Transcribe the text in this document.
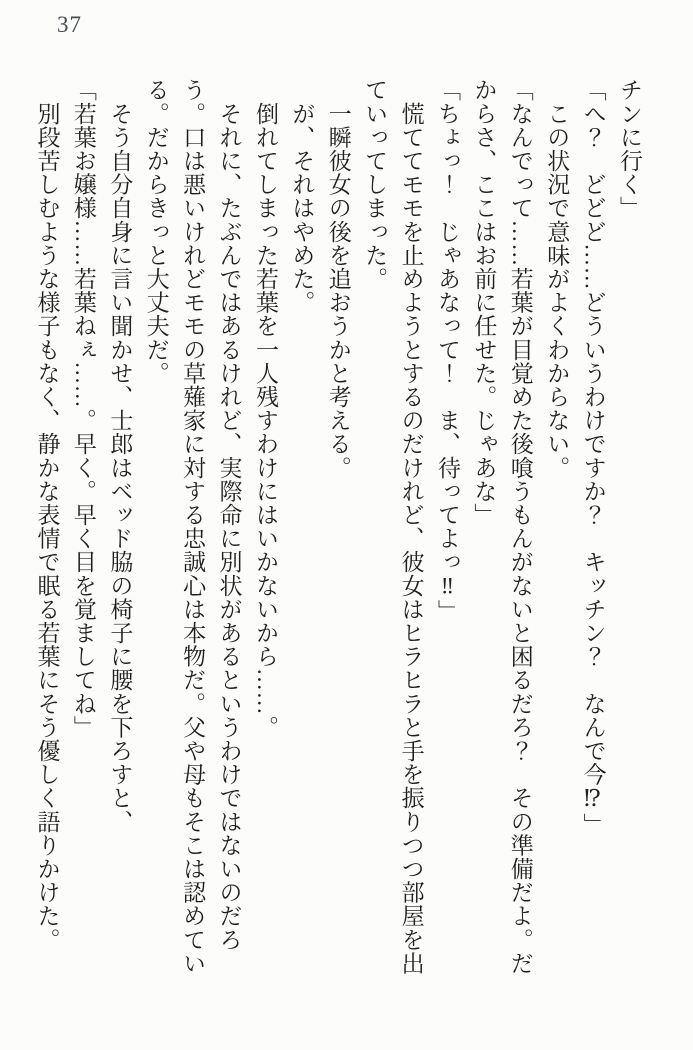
37

チンに行く」

「へ？　どどど……どういうわけですか？　キッチン？　なんで今⁉」

　この状況で意味がよくわからない。

「なんでって……若葉が目覚めた後喰うもんがないと困るだろ？　その準備だよ。だからさ、ここはお前に任せた。じゃあな」

「ちょっ！　じゃあなって！　ま、待ってよっ‼」

　慌ててモモを止めようとするのだけれど、彼女はヒラヒラと手を振りつつ部屋を出ていってしまった。

　一瞬彼女の後を追おうかと考える。

　が、それはやめた。

　倒れてしまった若葉を一人残すわけにはいかないから……。

　それに、たぶんではあるけれど、実際命に別状があるというわけではないのだろう。口は悪いけれどモモの草薙家に対する忠誠心は本物だ。父や母もそこは認めている。だからきっと大丈夫だ。

　そう自分自身に言い聞かせ、士郎はベッド脇の椅子に腰を下ろすと、

「若葉お嬢様……若葉ねぇ……。早く。早く目を覚ましてね」

　別段苦しむような様子もなく、静かな表情で眠る若葉にそう優しく語りかけた。
